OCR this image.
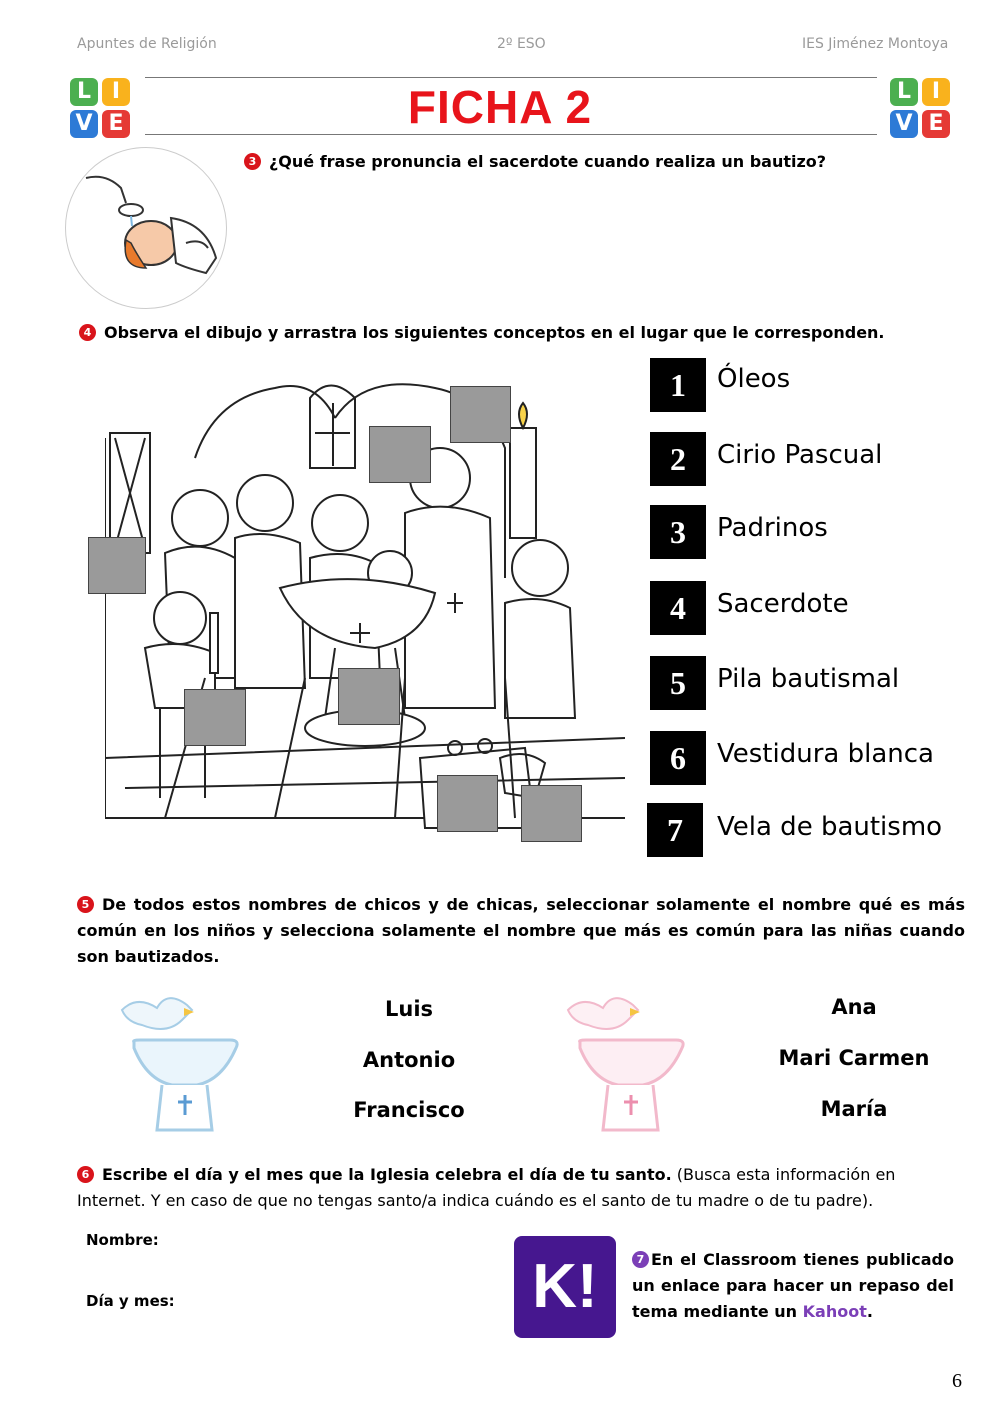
Apuntes de Religión	2º ESO	IES Jiménez Montoya
L I
V E
L I
V E
FICHA 2
3 ¿Qué frase pronuncia el sacerdote cuando realiza un bautizo?
4 Observa el dibujo y arrastra los siguientes conceptos en el lugar que le corresponden.
1	Óleos
2	Cirio Pascual
3	Padrinos
4	Sacerdote
5	Pila bautismal
6	Vestidura blanca
7	Vela de bautismo
5 De todos estos nombres de chicos y de chicas, seleccionar solamente el nombre qué es más común en los niños y selecciona solamente el nombre que más es común para las niñas cuando son bautizados.
Luis
Antonio
Francisco
Ana
Mari Carmen
María
6 Escribe el día y el mes que la Iglesia celebra el día de tu santo. (Busca esta información en Internet. Y en caso de que no tengas santo/a indica cuándo es el santo de tu madre o de tu padre).
Nombre:
Día y mes:	K!	7 En el Classroom tienes publicado un enlace para hacer un repaso del tema mediante un Kahoot.
6
